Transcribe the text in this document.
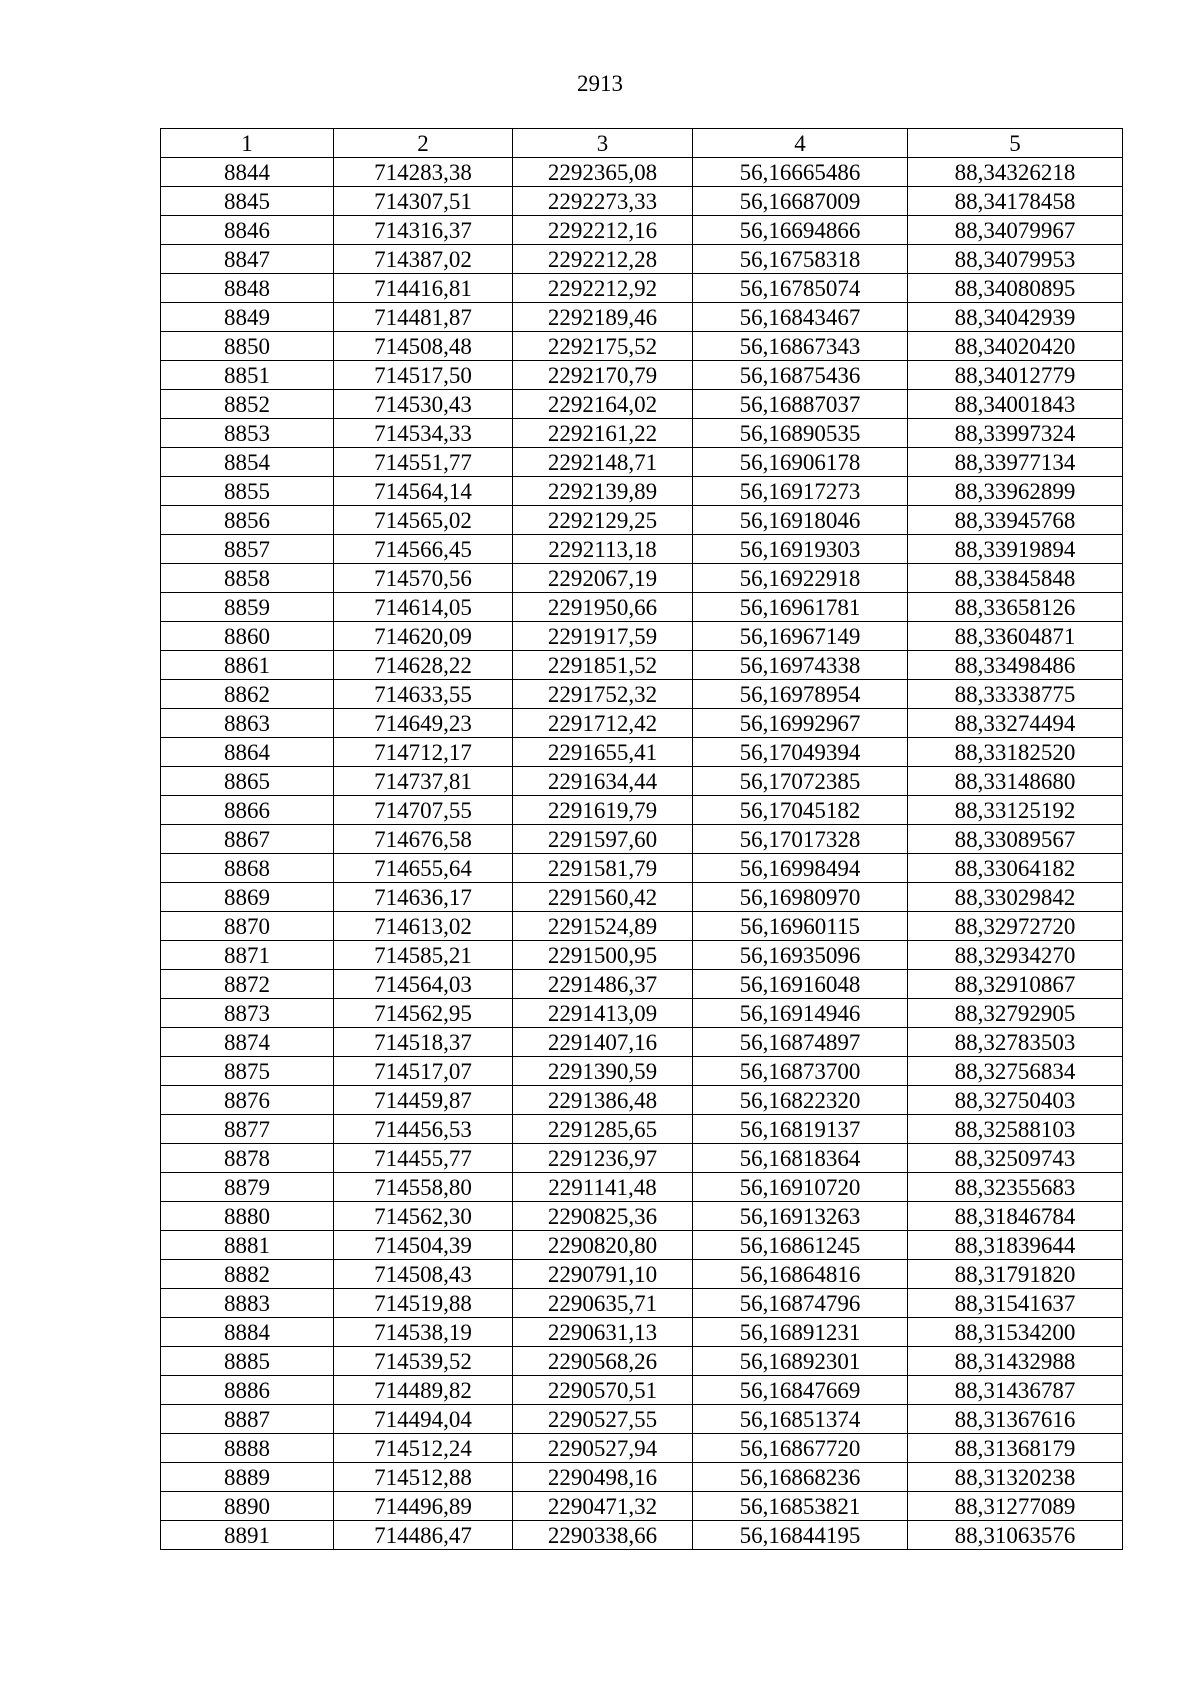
2913
1	2	3	4	5
8844	714283,38	2292365,08	56,16665486	88,34326218
8845	714307,51	2292273,33	56,16687009	88,34178458
8846	714316,37	2292212,16	56,16694866	88,34079967
8847	714387,02	2292212,28	56,16758318	88,34079953
8848	714416,81	2292212,92	56,16785074	88,34080895
8849	714481,87	2292189,46	56,16843467	88,34042939
8850	714508,48	2292175,52	56,16867343	88,34020420
8851	714517,50	2292170,79	56,16875436	88,34012779
8852	714530,43	2292164,02	56,16887037	88,34001843
8853	714534,33	2292161,22	56,16890535	88,33997324
8854	714551,77	2292148,71	56,16906178	88,33977134
8855	714564,14	2292139,89	56,16917273	88,33962899
8856	714565,02	2292129,25	56,16918046	88,33945768
8857	714566,45	2292113,18	56,16919303	88,33919894
8858	714570,56	2292067,19	56,16922918	88,33845848
8859	714614,05	2291950,66	56,16961781	88,33658126
8860	714620,09	2291917,59	56,16967149	88,33604871
8861	714628,22	2291851,52	56,16974338	88,33498486
8862	714633,55	2291752,32	56,16978954	88,33338775
8863	714649,23	2291712,42	56,16992967	88,33274494
8864	714712,17	2291655,41	56,17049394	88,33182520
8865	714737,81	2291634,44	56,17072385	88,33148680
8866	714707,55	2291619,79	56,17045182	88,33125192
8867	714676,58	2291597,60	56,17017328	88,33089567
8868	714655,64	2291581,79	56,16998494	88,33064182
8869	714636,17	2291560,42	56,16980970	88,33029842
8870	714613,02	2291524,89	56,16960115	88,32972720
8871	714585,21	2291500,95	56,16935096	88,32934270
8872	714564,03	2291486,37	56,16916048	88,32910867
8873	714562,95	2291413,09	56,16914946	88,32792905
8874	714518,37	2291407,16	56,16874897	88,32783503
8875	714517,07	2291390,59	56,16873700	88,32756834
8876	714459,87	2291386,48	56,16822320	88,32750403
8877	714456,53	2291285,65	56,16819137	88,32588103
8878	714455,77	2291236,97	56,16818364	88,32509743
8879	714558,80	2291141,48	56,16910720	88,32355683
8880	714562,30	2290825,36	56,16913263	88,31846784
8881	714504,39	2290820,80	56,16861245	88,31839644
8882	714508,43	2290791,10	56,16864816	88,31791820
8883	714519,88	2290635,71	56,16874796	88,31541637
8884	714538,19	2290631,13	56,16891231	88,31534200
8885	714539,52	2290568,26	56,16892301	88,31432988
8886	714489,82	2290570,51	56,16847669	88,31436787
8887	714494,04	2290527,55	56,16851374	88,31367616
8888	714512,24	2290527,94	56,16867720	88,31368179
8889	714512,88	2290498,16	56,16868236	88,31320238
8890	714496,89	2290471,32	56,16853821	88,31277089
8891	714486,47	2290338,66	56,16844195	88,31063576
